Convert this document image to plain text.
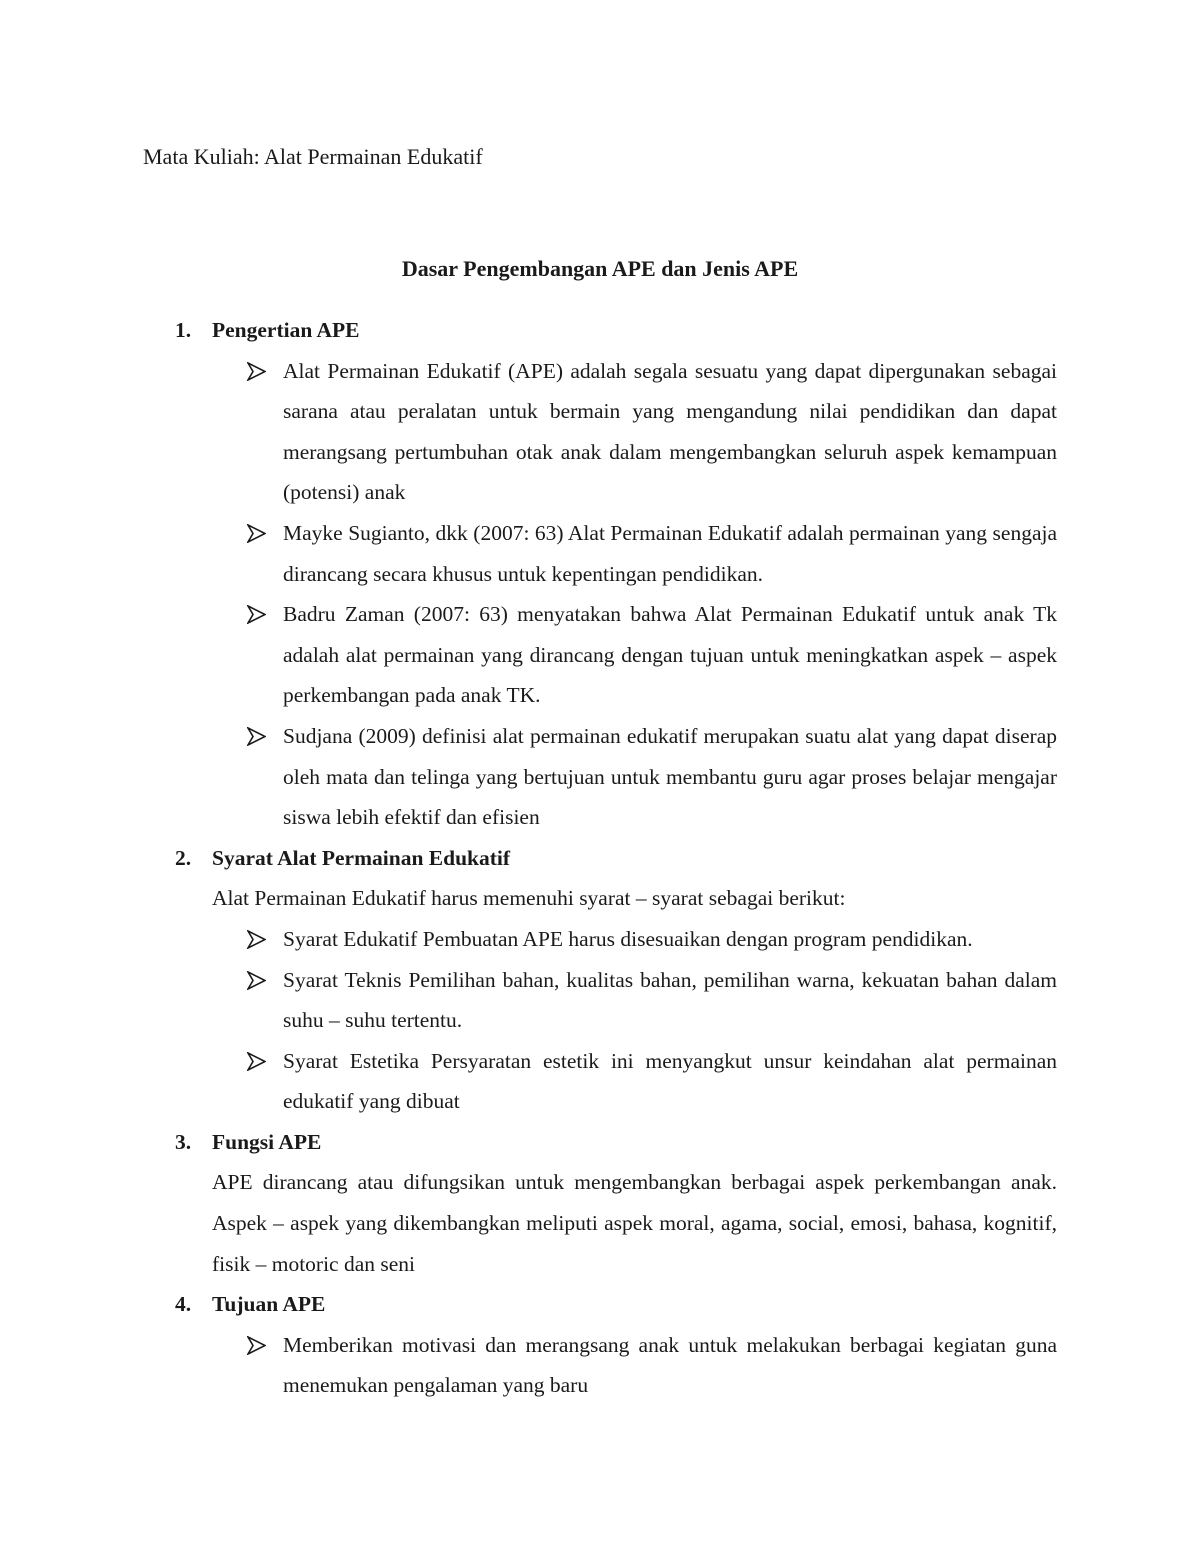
Mata Kuliah: Alat Permainan Edukatif
Dasar Pengembangan APE dan Jenis APE
1. Pengertian APE
Alat Permainan Edukatif (APE) adalah segala sesuatu yang dapat dipergunakan sebagai sarana atau peralatan untuk bermain yang mengandung nilai pendidikan dan dapat merangsang pertumbuhan otak anak dalam mengembangkan seluruh aspek kemampuan (potensi) anak
Mayke Sugianto, dkk (2007: 63) Alat Permainan Edukatif adalah permainan yang sengaja dirancang secara khusus untuk kepentingan pendidikan.
Badru Zaman (2007: 63) menyatakan bahwa Alat Permainan Edukatif untuk anak Tk adalah alat permainan yang dirancang dengan tujuan untuk meningkatkan aspek – aspek perkembangan pada anak TK.
Sudjana (2009) definisi alat permainan edukatif merupakan suatu alat yang dapat diserap oleh mata dan telinga yang bertujuan untuk membantu guru agar proses belajar mengajar siswa lebih efektif dan efisien
2. Syarat Alat Permainan Edukatif
Alat Permainan Edukatif harus memenuhi syarat – syarat sebagai berikut:
Syarat Edukatif Pembuatan APE harus disesuaikan dengan program pendidikan.
Syarat Teknis Pemilihan bahan, kualitas bahan, pemilihan warna, kekuatan bahan dalam suhu – suhu tertentu.
Syarat Estetika Persyaratan estetik ini menyangkut unsur keindahan alat permainan edukatif yang dibuat
3. Fungsi APE
APE dirancang atau difungsikan untuk mengembangkan berbagai aspek perkembangan anak. Aspek – aspek yang dikembangkan meliputi aspek moral, agama, social, emosi, bahasa, kognitif, fisik – motoric dan seni
4. Tujuan APE
Memberikan motivasi dan merangsang anak untuk melakukan berbagai kegiatan guna menemukan pengalaman yang baru
